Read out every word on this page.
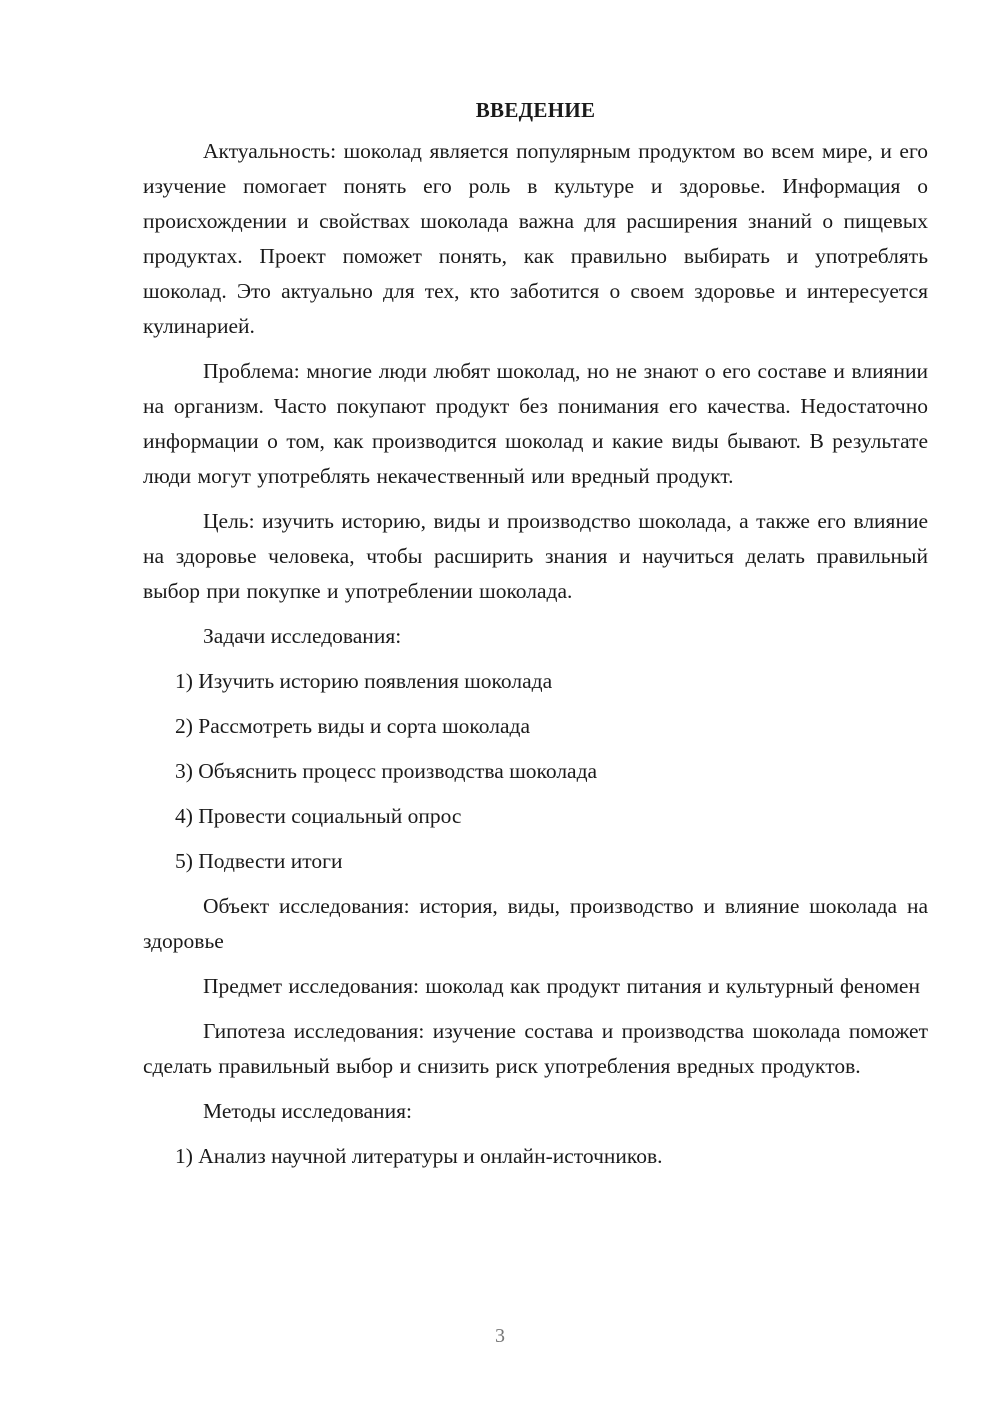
ВВЕДЕНИЕ

Актуальность: шоколад является популярным продуктом во всем мире, и его изучение помогает понять его роль в культуре и здоровье. Информация о происхождении и свойствах шоколада важна для расширения знаний о пищевых продуктах. Проект поможет понять, как правильно выбирать и употреблять шоколад. Это актуально для тех, кто заботится о своем здоровье и интересуется кулинарией.

Проблема: многие люди любят шоколад, но не знают о его составе и влиянии на организм. Часто покупают продукт без понимания его качества. Недостаточно информации о том, как производится шоколад и какие виды бывают. В результате люди могут употреблять некачественный или вредный продукт.

Цель: изучить историю, виды и производство шоколада, а также его влияние на здоровье человека, чтобы расширить знания и научиться делать правильный выбор при покупке и употреблении шоколада.

Задачи исследования:

1) Изучить историю появления шоколада
2) Рассмотреть виды и сорта шоколада
3) Объяснить процесс производства шоколада
4) Провести социальный опрос
5) Подвести итоги

Объект исследования: история, виды, производство и влияние шоколада на здоровье

Предмет исследования: шоколад как продукт питания и культурный феномен

Гипотеза исследования: изучение состава и производства шоколада поможет сделать правильный выбор и снизить риск употребления вредных продуктов.

Методы исследования:

1) Анализ научной литературы и онлайн-источников.
3
